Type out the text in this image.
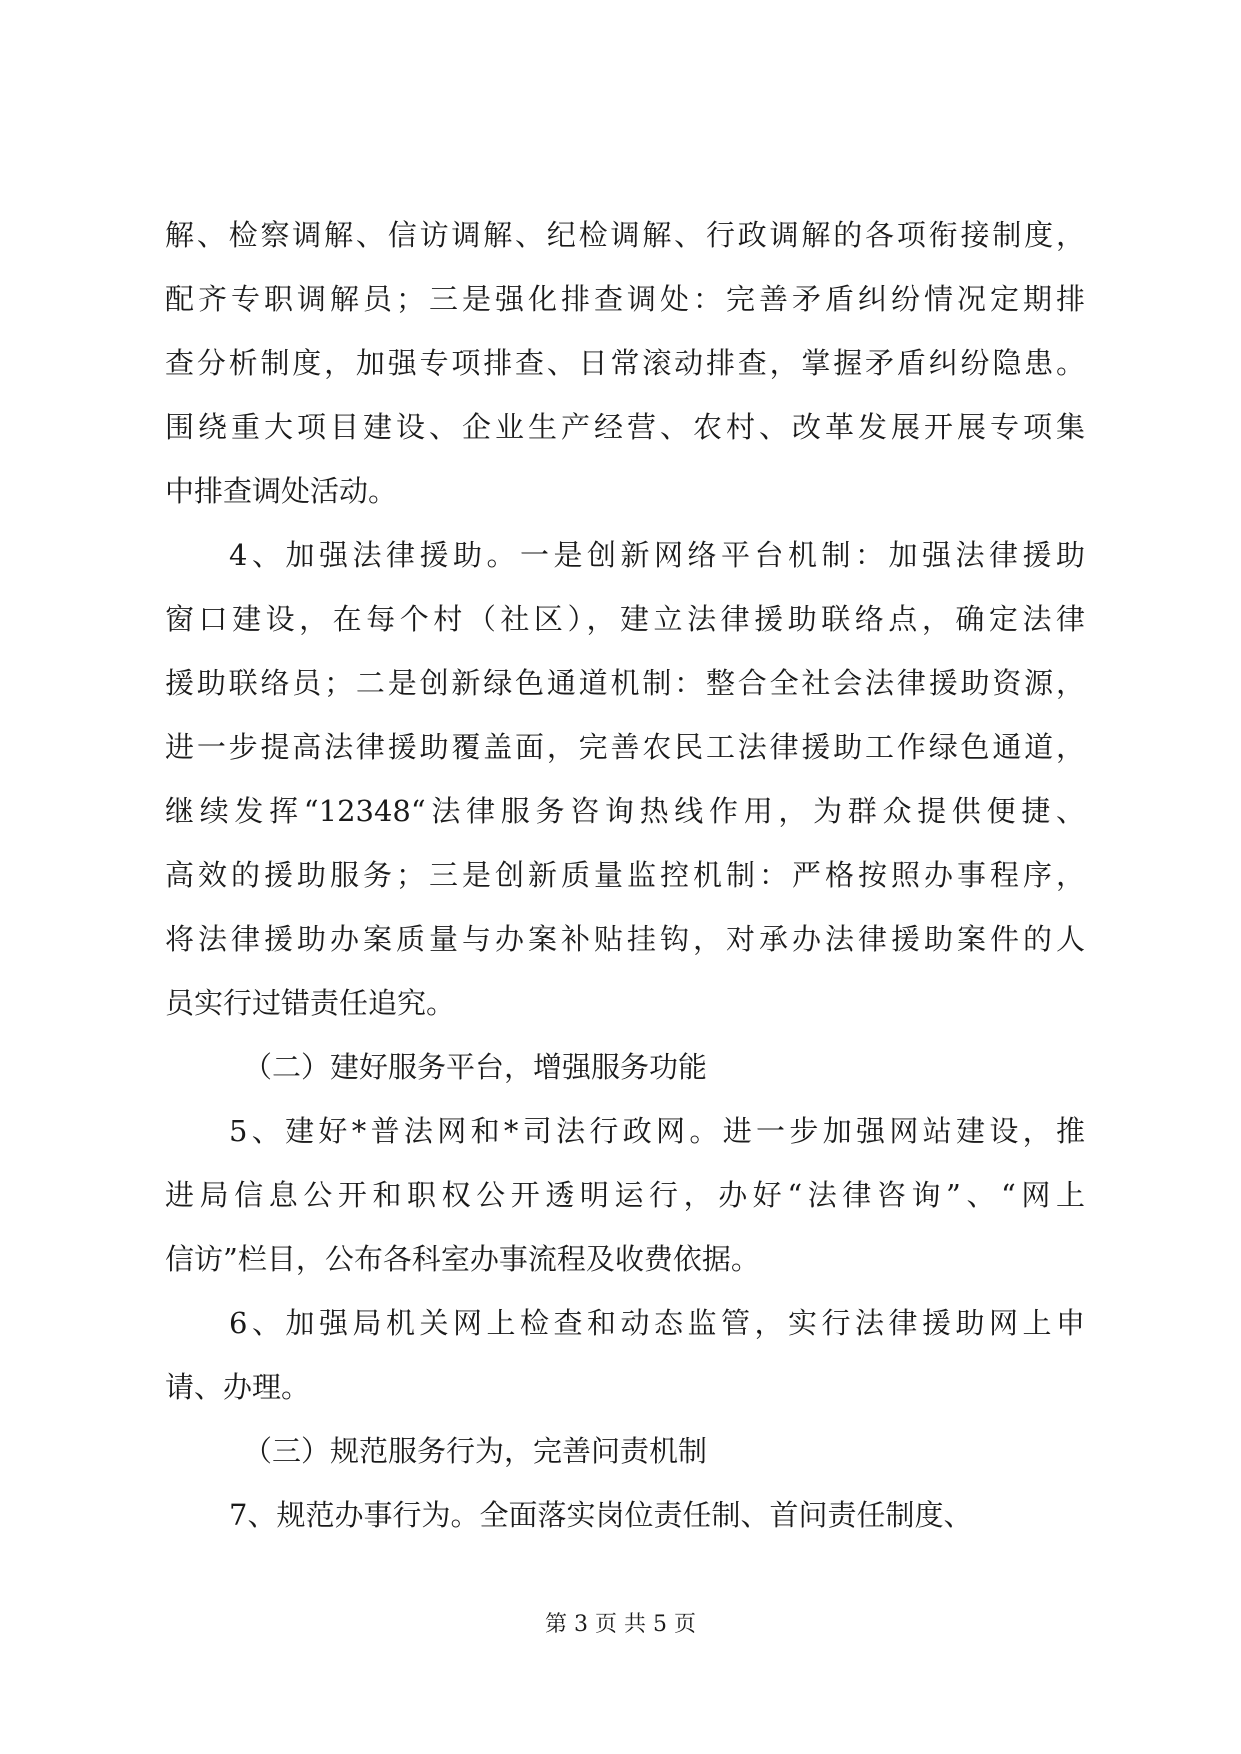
解、检察调解、信访调解、纪检调解、行政调解的各项衔接制度，
配齐专职调解员；三是强化排查调处：完善矛盾纠纷情况定期排
查分析制度，加强专项排查、日常滚动排查，掌握矛盾纠纷隐患。
围绕重大项目建设、企业生产经营、农村、改革发展开展专项集
中排查调处活动。
4、加强法律援助。一是创新网络平台机制：加强法律援助
窗口建设，在每个村（社区），建立法律援助联络点，确定法律
援助联络员；二是创新绿色通道机制：整合全社会法律援助资源，
进一步提高法律援助覆盖面，完善农民工法律援助工作绿色通道，
继续发挥“12348“法律服务咨询热线作用，为群众提供便捷、
高效的援助服务；三是创新质量监控机制：严格按照办事程序，
将法律援助办案质量与办案补贴挂钩，对承办法律援助案件的人
员实行过错责任追究。
（二）建好服务平台，增强服务功能
5、建好*普法网和*司法行政网。进一步加强网站建设，推
进局信息公开和职权公开透明运行，办好“法律咨询”、“网上
信访”栏目，公布各科室办事流程及收费依据。
6、加强局机关网上检查和动态监管，实行法律援助网上申
请、办理。
（三）规范服务行为，完善问责机制
7、规范办事行为。全面落实岗位责任制、首问责任制度、
第 3 页 共 5 页
